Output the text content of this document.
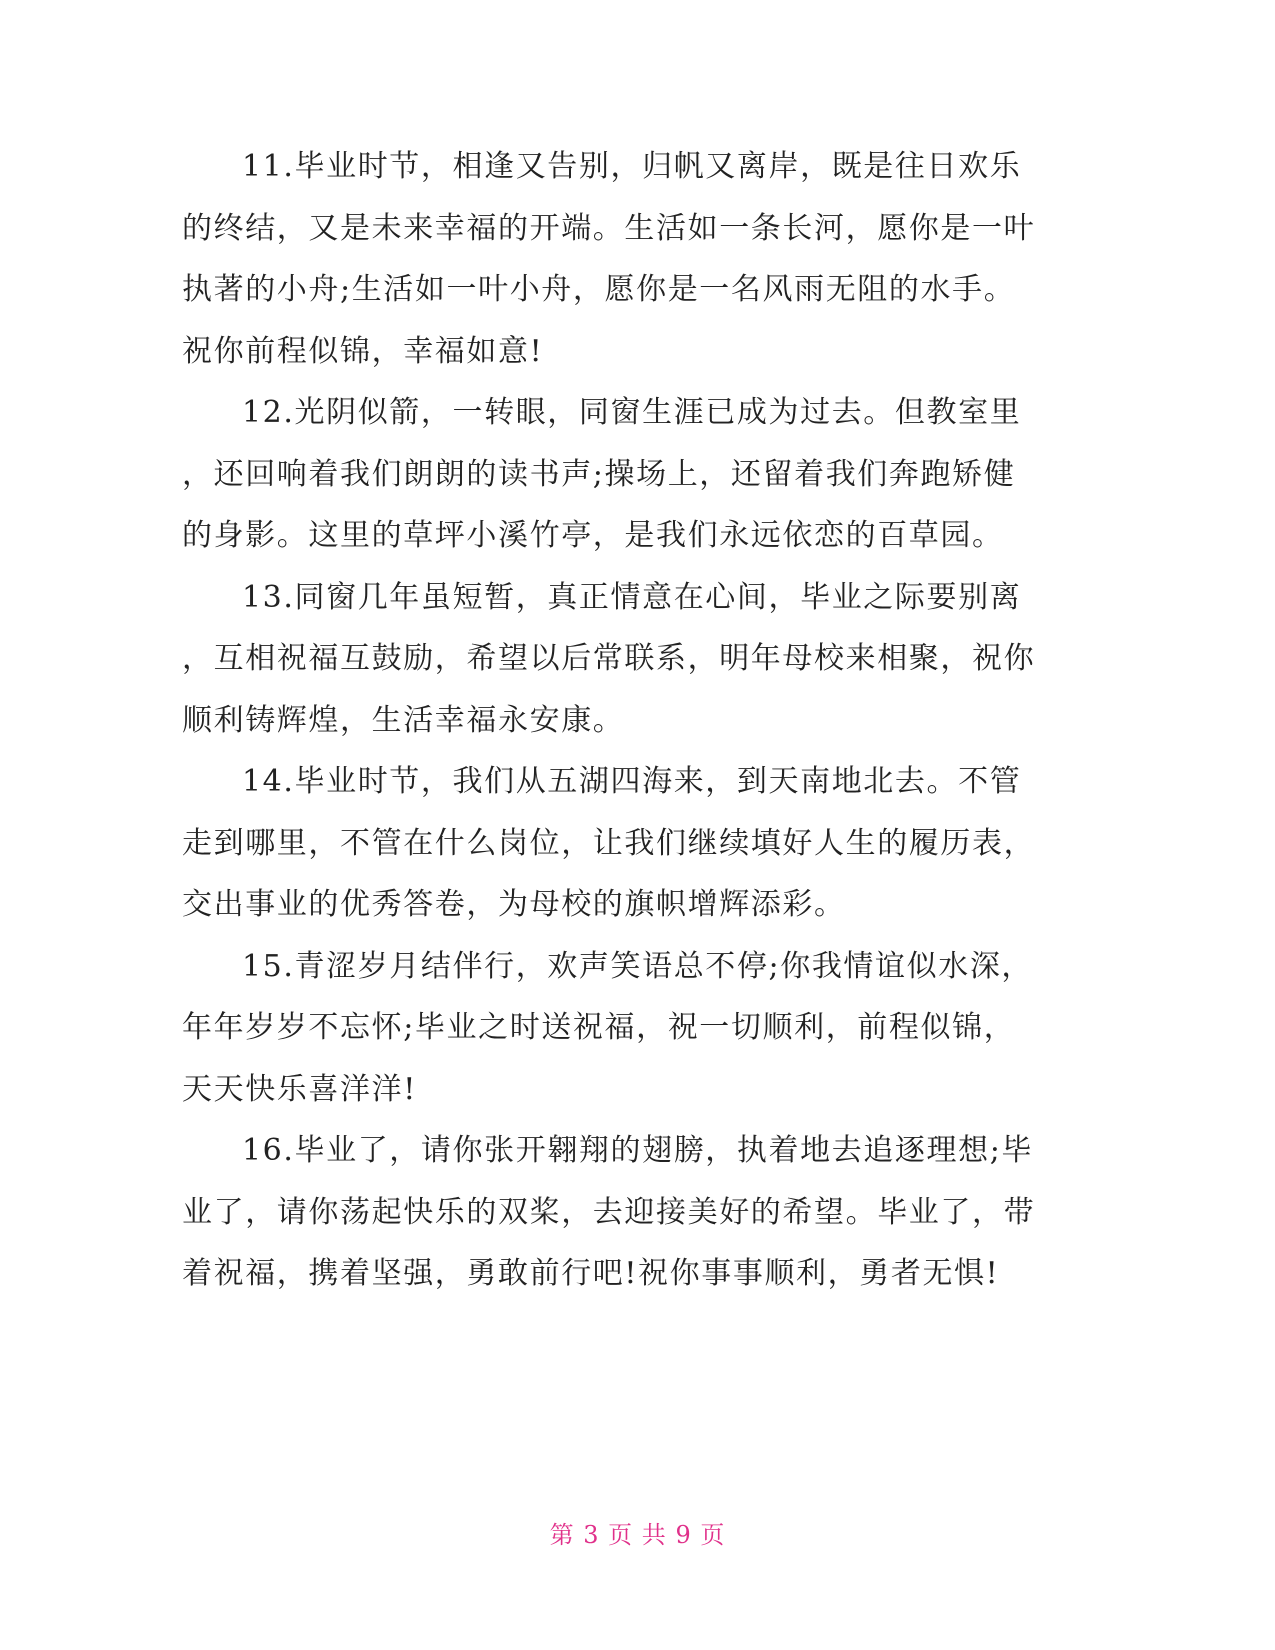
11.毕业时节，相逢又告别，归帆又离岸，既是往日欢乐
的终结，又是未来幸福的开端。生活如一条长河，愿你是一叶
执著的小舟;生活如一叶小舟，愿你是一名风雨无阻的水手。
祝你前程似锦，幸福如意!
12.光阴似箭，一转眼，同窗生涯已成为过去。但教室里
，还回响着我们朗朗的读书声;操场上，还留着我们奔跑矫健
的身影。这里的草坪小溪竹亭，是我们永远依恋的百草园。
13.同窗几年虽短暂，真正情意在心间，毕业之际要别离
，互相祝福互鼓励，希望以后常联系，明年母校来相聚，祝你
顺利铸辉煌，生活幸福永安康。
14.毕业时节，我们从五湖四海来，到天南地北去。不管
走到哪里，不管在什么岗位，让我们继续填好人生的履历表，
交出事业的优秀答卷，为母校的旗帜增辉添彩。
15.青涩岁月结伴行，欢声笑语总不停;你我情谊似水深，
年年岁岁不忘怀;毕业之时送祝福，祝一切顺利，前程似锦，
天天快乐喜洋洋!
16.毕业了，请你张开翱翔的翅膀，执着地去追逐理想;毕
业了，请你荡起快乐的双桨，去迎接美好的希望。毕业了，带
着祝福，携着坚强，勇敢前行吧!祝你事事顺利，勇者无惧!
第 3 页 共 9 页
